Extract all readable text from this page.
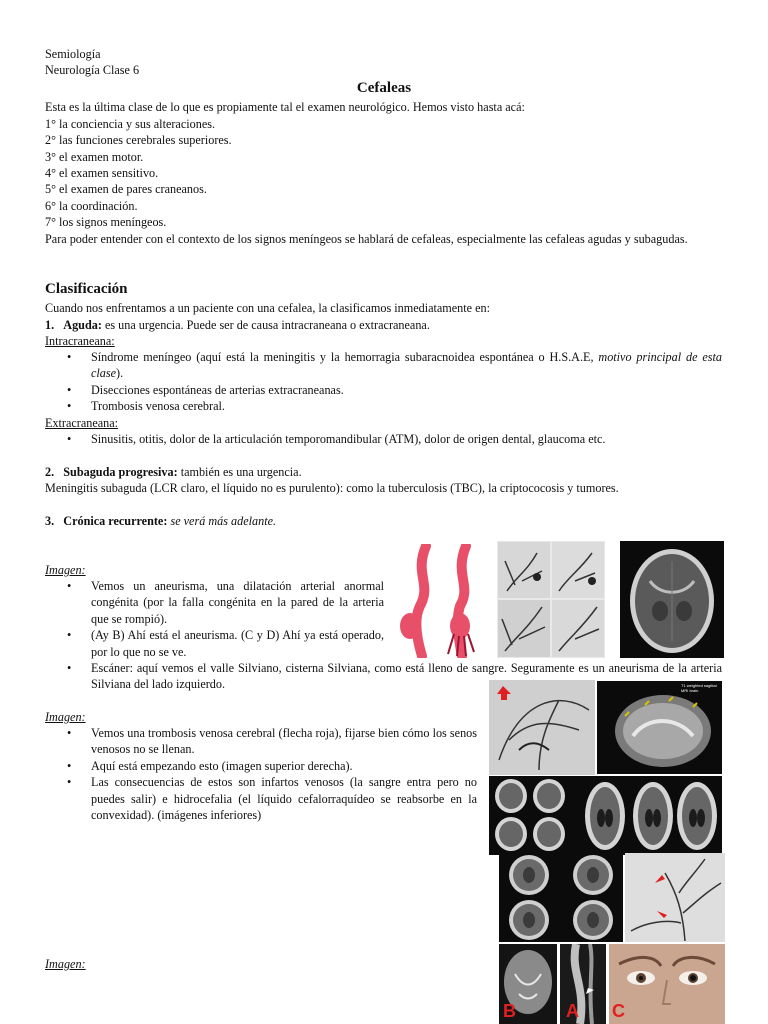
Semiología
Neurología Clase 6
Cefaleas
Esta es la última clase de lo que es propiamente tal el examen neurológico. Hemos visto hasta acá:
1° la conciencia y sus alteraciones.
2° las funciones cerebrales superiores.
3° el examen motor.
4° el examen sensitivo.
5° el examen de pares craneanos.
6° la coordinación.
7° los signos meníngeos.
Para poder entender con el contexto de los signos meníngeos se hablará de cefaleas, especialmente las cefaleas agudas y subagudas.
Clasificación
Cuando nos enfrentamos a un paciente con una cefalea, la clasificamos inmediatamente en:
1. Aguda: es una urgencia. Puede ser de causa intracraneana o extracraneana.
Intracraneana:
• Síndrome meníngeo (aquí está la meningitis y la hemorragia subaracnoidea espontánea o H.S.A.E, motivo principal de esta clase).
• Disecciones espontáneas de arterias extracraneanas.
• Trombosis venosa cerebral.
Extracraneana:
• Sinusitis, otitis, dolor de la articulación temporomandibular (ATM), dolor de origen dental, glaucoma etc.
2. Subaguda progresiva: también es una urgencia.
Meningitis subaguda (LCR claro, el líquido no es purulento): como la tuberculosis (TBC), la criptococosis y tumores.
3. Crónica recurrente: se verá más adelante.
Imagen:
• Vemos un aneurisma, una dilatación arterial anormal congénita (por la falla congénita en la pared de la arteria que se rompió).
• (Ay B) Ahí está el aneurisma. (C y D) Ahí ya está operado, por lo que no se ve.
• Escáner: aquí vemos el valle Silviano, cisterna Silviana, como está lleno de sangre. Seguramente es un aneurisma de la arteria Silviana del lado izquierdo.
Imagen:
• Vemos una trombosis venosa cerebral (flecha roja), fijarse bien cómo los senos venosos no se llenan.
• Aquí está empezando esto (imagen superior derecha).
• Las consecuencias de estos son infartos venosos (la sangre entra pero no puedes salir) e hidrocefalia (el líquido cefalorraquídeo se reabsorbe en la convexidad). (imágenes inferiores)
Imagen:
T1 weighted sagittal MRI brain
B	A C
